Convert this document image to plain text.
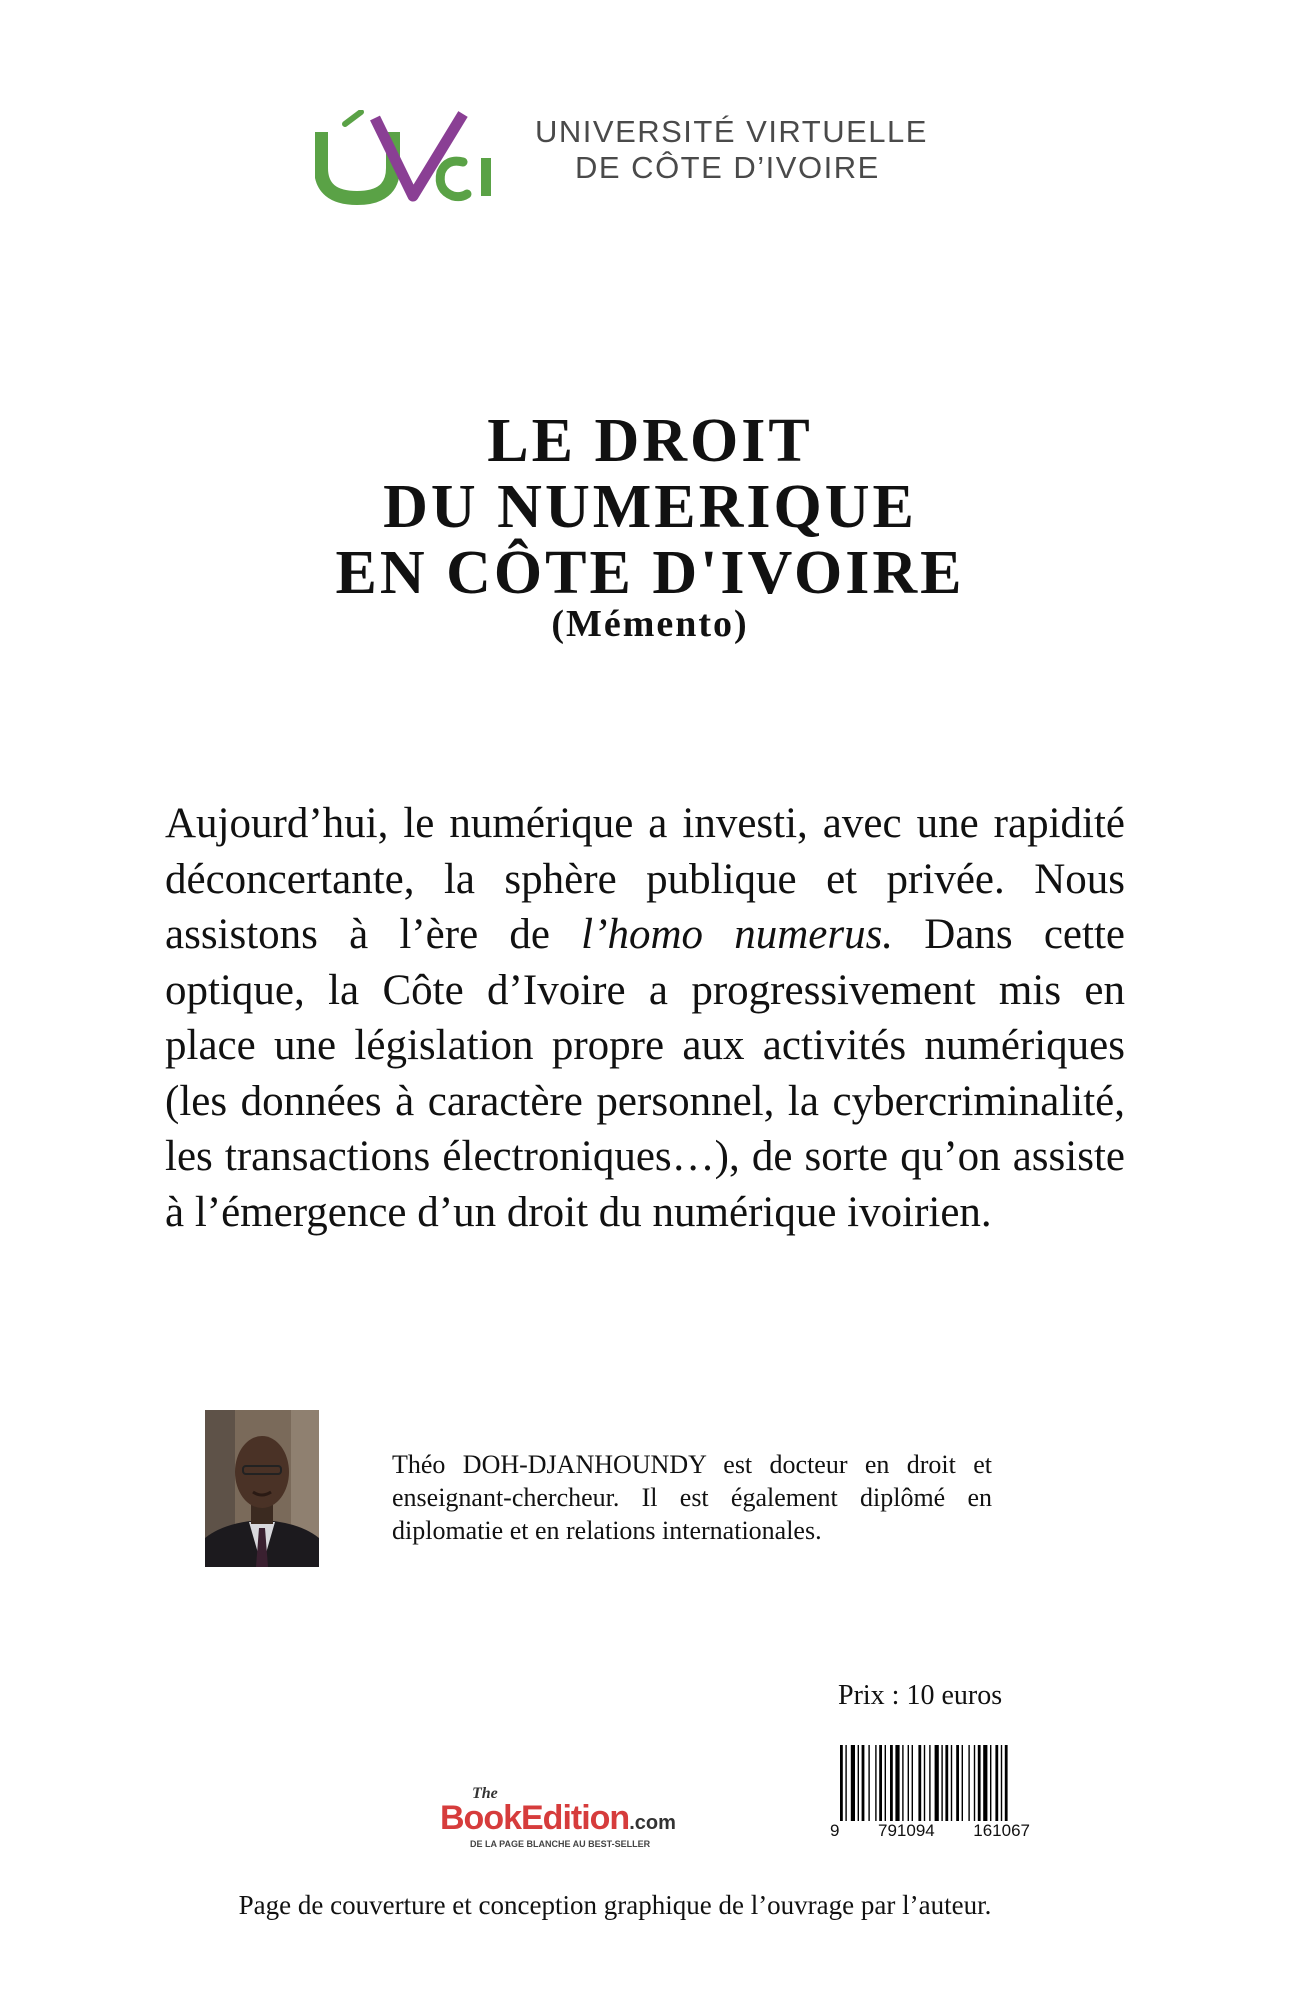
UNIVERSITÉ VIRTUELLE
DE CÔTE D’IVOIRE
LE DROIT
DU NUMERIQUE
EN CÔTE D'IVOIRE
(Mémento)
Aujourd’hui, le numérique a investi, avec une rapidité déconcertante, la sphère publique et privée. Nous assistons à l’ère de l’homo numerus. Dans cette optique, la Côte d’Ivoire a progressivement mis en place une législation propre aux activités numériques (les données à caractère personnel, la cybercriminalité, les transactions électroniques…), de sorte qu’on assiste à l’émergence d’un droit du numérique ivoirien.
Théo DOH-DJANHOUNDY est docteur en droit et enseignant-chercheur. Il est également diplômé en diplomatie et en relations internationales.
Prix : 10 euros
9 791094 161067
The
BookEdition.com
DE LA PAGE BLANCHE AU BEST-SELLER
Page de couverture et conception graphique de l’ouvrage par l’auteur.
